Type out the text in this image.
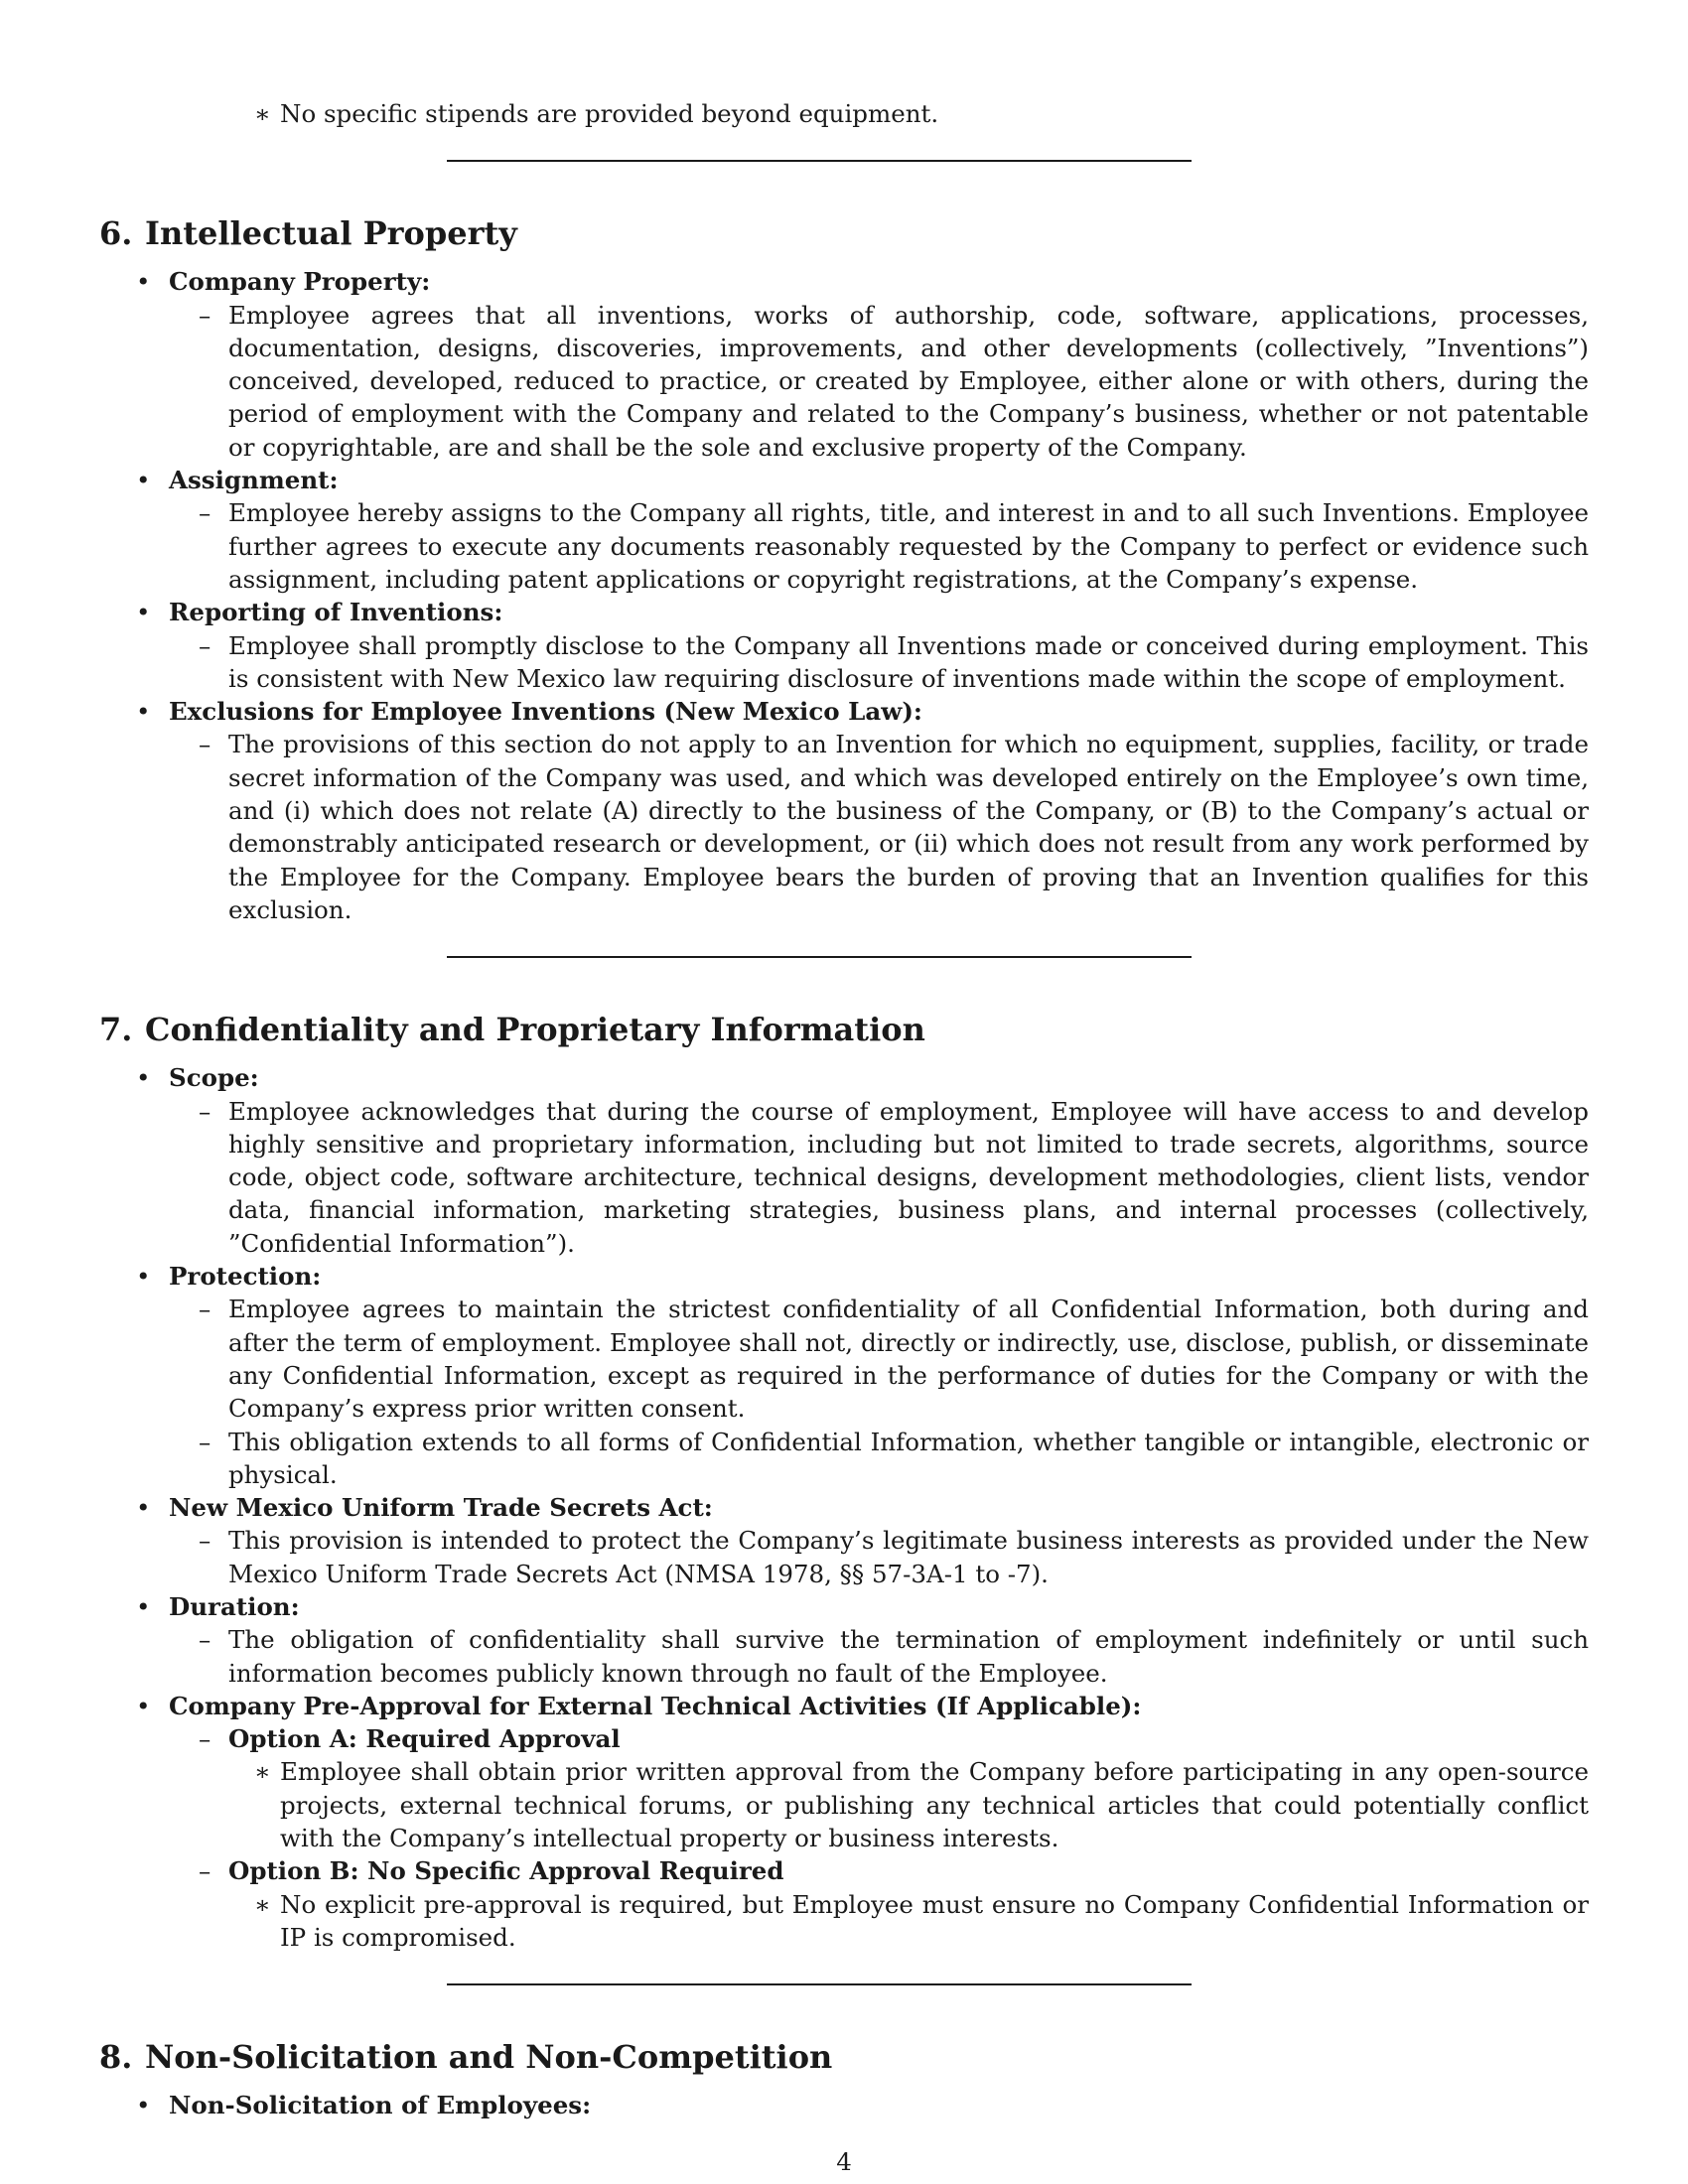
∗ No specific stipends are provided beyond equipment.
6. Intellectual Property
• Company Property:
– Employee agrees that all inventions, works of authorship, code, software, applications, processes, documentation, designs, discoveries, improvements, and other developments (collectively, ”Inventions”) conceived, developed, reduced to practice, or created by Employee, either alone or with others, during the period of employment with the Company and related to the Company’s business, whether or not patentable or copyrightable, are and shall be the sole and exclusive property of the Company.
• Assignment:
– Employee hereby assigns to the Company all rights, title, and interest in and to all such Inventions. Employee further agrees to execute any documents reasonably requested by the Company to perfect or evidence such assignment, including patent applications or copyright registrations, at the Company’s expense.
• Reporting of Inventions:
– Employee shall promptly disclose to the Company all Inventions made or conceived during employment. This is consistent with New Mexico law requiring disclosure of inventions made within the scope of employment.
• Exclusions for Employee Inventions (New Mexico Law):
– The provisions of this section do not apply to an Invention for which no equipment, supplies, facility, or trade secret information of the Company was used, and which was developed entirely on the Employee’s own time, and (i) which does not relate (A) directly to the business of the Company, or (B) to the Company’s actual or demonstrably anticipated research or development, or (ii) which does not result from any work performed by the Employee for the Company. Employee bears the burden of proving that an Invention qualifies for this exclusion.
7. Confidentiality and Proprietary Information
• Scope:
– Employee acknowledges that during the course of employment, Employee will have access to and develop highly sensitive and proprietary information, including but not limited to trade secrets, algorithms, source code, object code, software architecture, technical designs, development methodologies, client lists, vendor data, financial information, marketing strategies, business plans, and internal processes (collectively, ”Confidential Information”).
• Protection:
– Employee agrees to maintain the strictest confidentiality of all Confidential Information, both during and after the term of employment. Employee shall not, directly or indirectly, use, disclose, publish, or disseminate any Confidential Information, except as required in the performance of duties for the Company or with the Company’s express prior written consent.
– This obligation extends to all forms of Confidential Information, whether tangible or intangible, electronic or physical.
• New Mexico Uniform Trade Secrets Act:
– This provision is intended to protect the Company’s legitimate business interests as provided under the New Mexico Uniform Trade Secrets Act (NMSA 1978, §§ 57-3A-1 to -7).
• Duration:
– The obligation of confidentiality shall survive the termination of employment indefinitely or until such information becomes publicly known through no fault of the Employee.
• Company Pre-Approval for External Technical Activities (If Applicable):
– Option A: Required Approval
∗ Employee shall obtain prior written approval from the Company before participating in any open-source projects, external technical forums, or publishing any technical articles that could potentially conflict with the Company’s intellectual property or business interests.
– Option B: No Specific Approval Required
∗ No explicit pre-approval is required, but Employee must ensure no Company Confidential Information or IP is compromised.
8. Non-Solicitation and Non-Competition
• Non-Solicitation of Employees:
4
